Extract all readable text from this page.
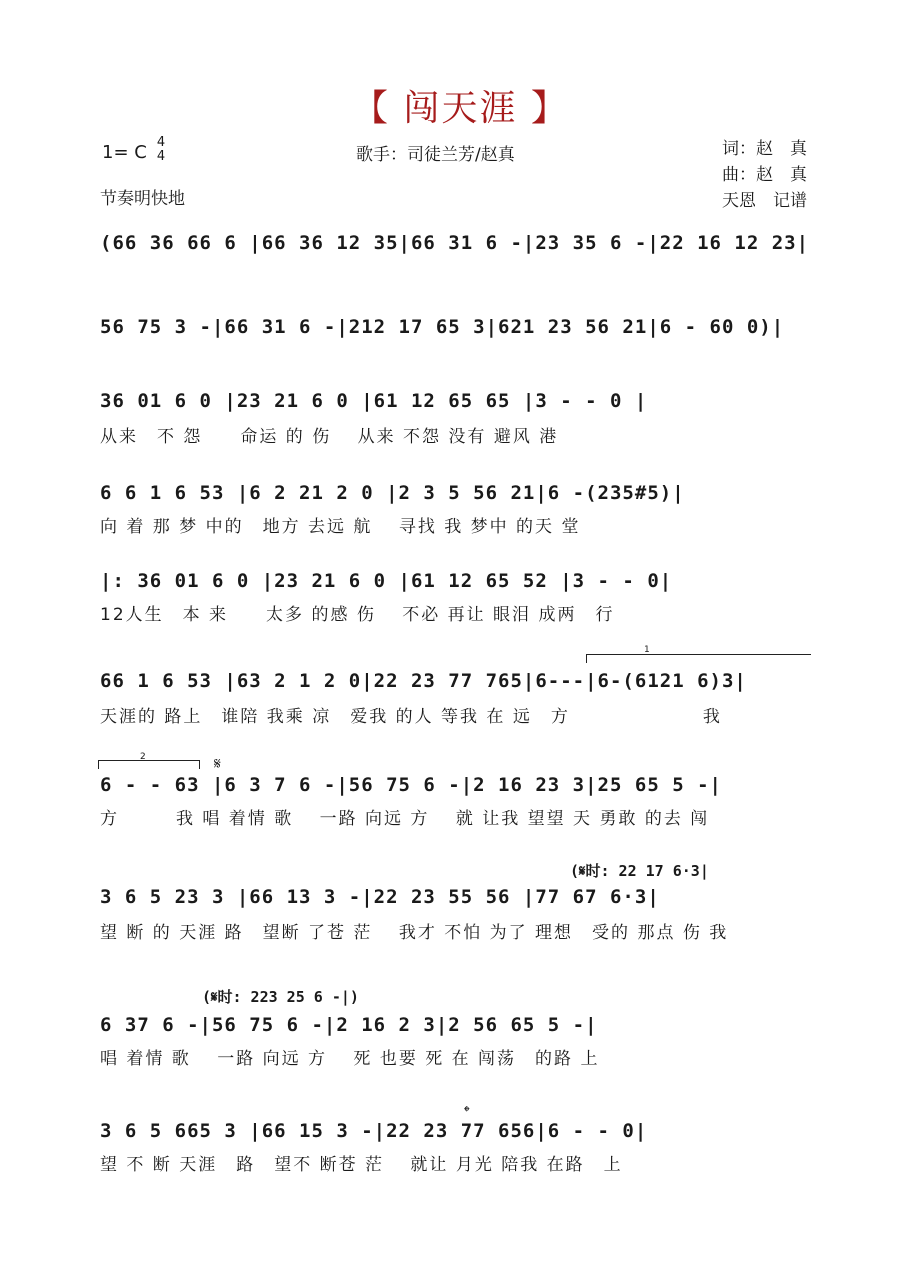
【 闯天涯 】
1= C 4
4	歌手：司徒兰芳/赵真	词：赵　真
曲：赵　真
天恩　记谱
节奏明快地
(66 36 66 6 |66 36 12 35|66 31 6 -|23 35 6 -|22 16 12 23|
56 75 3 -|66 31 6 -|212 17 65 3|621 23 56 21|6 - 60 0)|
36 01 6 0 |23 21 6 0 |61 12 65 65 |3 - - 0 |
从来　不 怨　　命运 的 伤　 从来 不怨 没有 避风 港
6 6 1 6 53 |6 2 21 2 0 |2 3 5 56 21|6 -(235#5)|
向 着 那 梦 中的　地方 去远 航　 寻找 我 梦中 的天 堂
|: 36 01 6 0 |23 21 6 0 |61 12 65 52 |3 - - 0|
12人生　本 来　　太多 的感 伤　 不必 再让 眼泪 成两　行
1
66 1 6 53 |63 2 1 2 0|22 23 77 765|6---|6-(6121 6)3|
天涯的 路上　谁陪 我乘 凉　爱我 的人 等我 在 远　方　　　　　　　我
2	𝄋
6 - - 63 |6 3 7 6 -|56 75 6 -|2 16 23 3|25 65 5 -|
方　　　我 唱 着情 歌　 一路 向远 方　 就 让我 望望 天 勇敢 的去 闯
(𝄋时: 22 17 6·3|
3 6 5 23 3 |66 13 3 -|22 23 55 56 |77 67 6·3|
望 断 的 天涯 路　望断 了苍 茫　 我才 不怕 为了 理想　受的 那点 伤 我
(𝄋时: 223 25 6 -|)
6 37 6 -|56 75 6 -|2 16 2 3|2 56 65 5 -|
唱 着情 歌　 一路 向远 方　 死 也要 死 在 闯荡　的路 上
𝄌
3 6 5 665 3 |66 15 3 -|22 23 77 656|6 - - 0|
望 不 断 天涯　路　望不 断苍 茫　 就让 月光 陪我 在路　上
